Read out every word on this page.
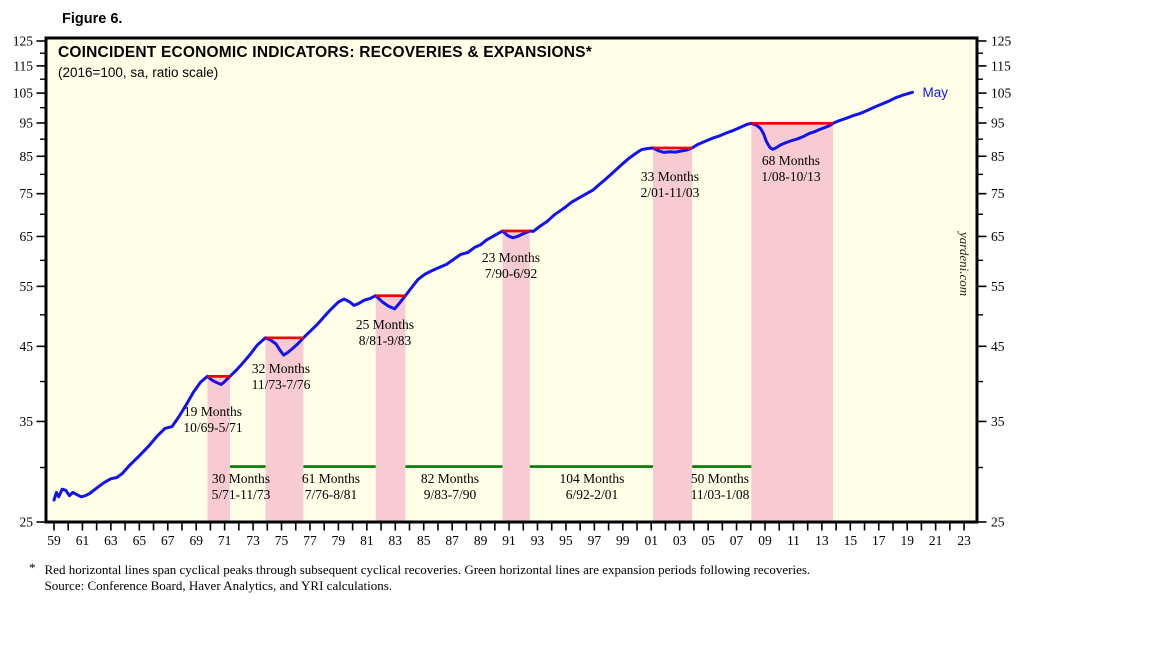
Figure 6.
59 61 63 65 67 69 71 73 75 77 79 81 83 85 87 89 91 93 95 97 99 01 03 05 07 09 11 13 15 17 19 21 23
25	25
35	35
45	45
55	55
65	65
75	75
85	85
95	95
105	105
115	115
125	125
19 Months
10/69-5/71
32 Months
11/73-7/76
25 Months
8/81-9/83
23 Months
7/90-6/92
33 Months
2/01-11/03
68 Months
1/08-10/13
30 Months
5/71-11/73
61 Months
7/76-8/81
82 Months
9/83-7/90
104 Months
6/92-2/01
50 Months
11/03-1/08
May
yardeni.com
COINCIDENT ECONOMIC INDICATORS: RECOVERIES & EXPANSIONS*
(2016=100, sa, ratio scale)
* Red horizontal lines span cyclical peaks through subsequent cyclical recoveries. Green horizontal lines are expansion periods following recoveries.
Source: Conference Board, Haver Analytics, and YRI calculations.
